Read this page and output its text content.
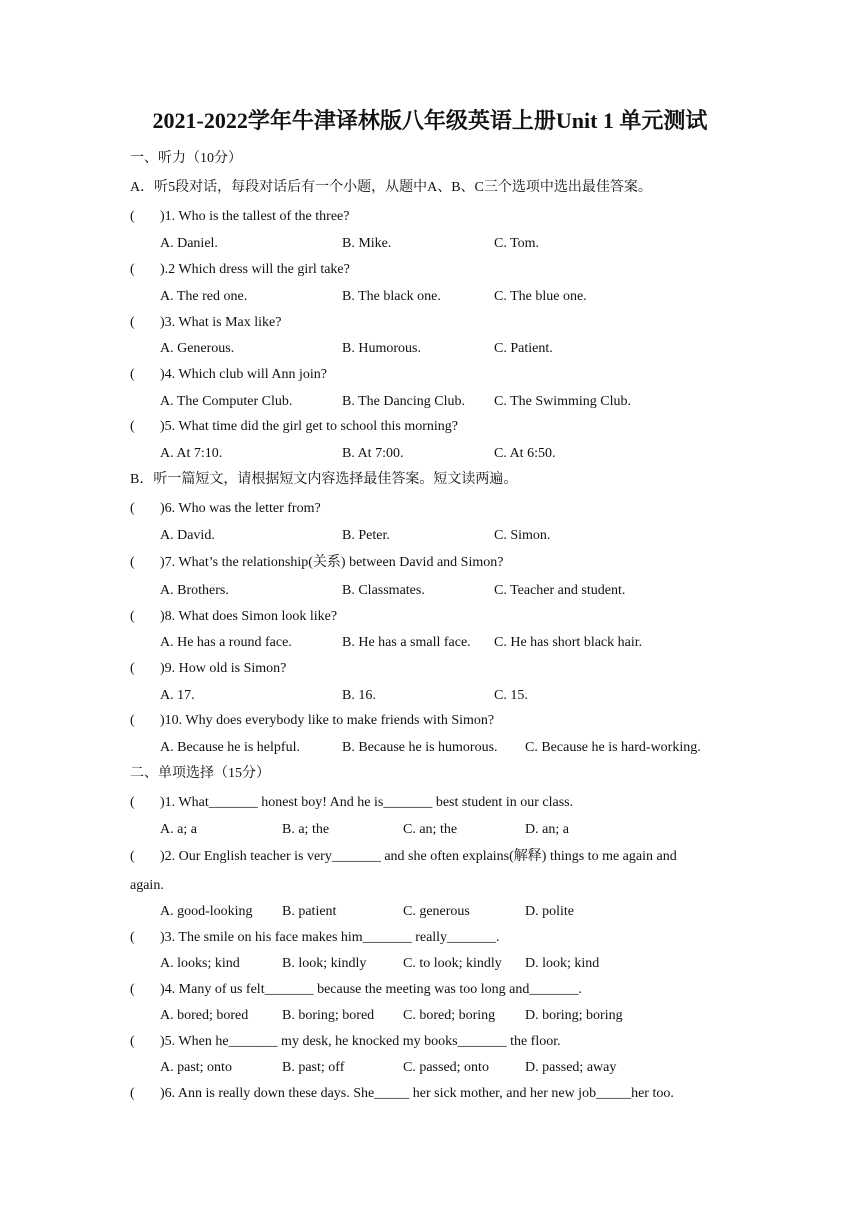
2021-2022学年牛津译林版八年级英语上册Unit 1 单元测试
一、听力（10分）
A．听5段对话，每段对话后有一个小题，从题中A、B、C三个选项中选出最佳答案。
( )1. Who is the tallest of the three?
A. Daniel.	B. Mike.	C. Tom.
( ).2 Which dress will the girl take?
A. The red one.	B. The black one.	C. The blue one.
( )3. What is Max like?
A. Generous.	B. Humorous.	C. Patient.
( )4. Which club will Ann join?
A. The Computer Club.	B. The Dancing Club. C. The Swimming Club.
( )5. What time did the girl get to school this morning?
A. At 7:10.	B. At 7:00.	C. At 6:50.
B．听一篇短文，请根据短文内容选择最佳答案。短文读两遍。
( )6. Who was the letter from?
A. David.	B. Peter.	C. Simon.
( )7. What’s the relationship(关系) between David and Simon?
A. Brothers.	B. Classmates.	C. Teacher and student.
( )8. What does Simon look like?
A. He has a round face.	B. He has a small face. C. He has short black hair.
( )9. How old is Simon?
A. 17.	B. 16.	C. 15.
( )10. Why does everybody like to make friends with Simon?
A. Because he is helpful.	B. Because he is humorous. C. Because he is hard-working.
二、单项选择（15分）
( )1. What_______ honest boy! And he is_______ best student in our class.
A. a; a	B. a; the	C. an; the	D. an; a
( )2. Our English teacher is very_______ and she often explains(解释) things to me again and
again.
A. good-looking B. patient	C. generous	D. polite
( )3. The smile on his face makes him_______ really_______.
A. looks; kind	B. look; kindly	C. to look; kindly D. look; kind
( )4. Many of us felt_______ because the meeting was too long and_______.
A. bored; bored B. boring; bored C. bored; boring D. boring; boring
( )5. When he_______ my desk, he knocked my books_______ the floor.
A. past; onto	B. past; off	C. passed; onto	D. passed; away
( )6. Ann is really down these days. She_____ her sick mother, and her new job_____her too.
